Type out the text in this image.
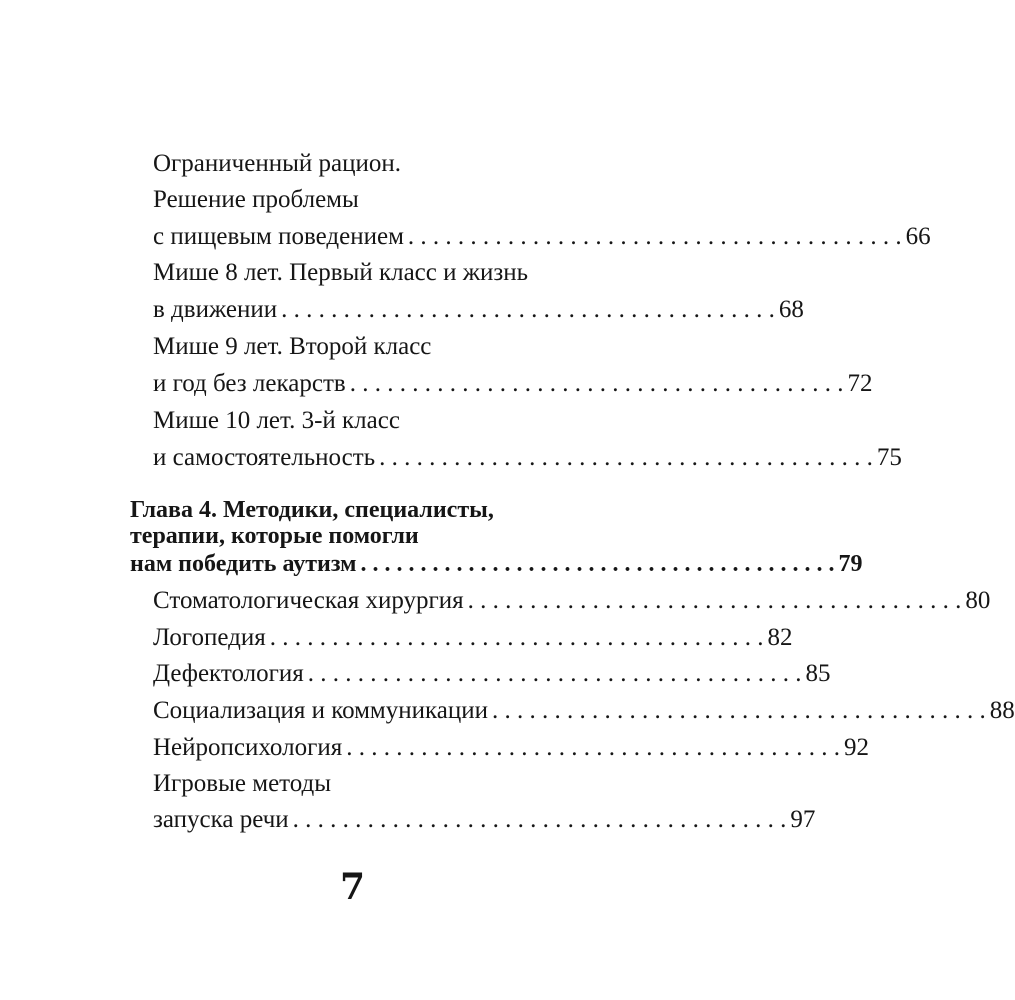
Ограниченный рацион.
Решение проблемы
с пищевым поведением . . . . . . . . . . . . . . . . . . . . . . . . . . . . . . . . . . . . . . . . 66
Мише 8 лет. Первый класс и жизнь
в движении . . . . . . . . . . . . . . . . . . . . . . . . . . . . . . . . . . . . . . . . 68
Мише 9 лет. Второй класс
и год без лекарств . . . . . . . . . . . . . . . . . . . . . . . . . . . . . . . . . . . . . . . . 72
Мише 10 лет. 3-й класс
и самостоятельность . . . . . . . . . . . . . . . . . . . . . . . . . . . . . . . . . . . . . . . . 75
Глава 4. Методики, специалисты,
терапии, которые помогли
нам победить аутизм . . . . . . . . . . . . . . . . . . . . . . . . . . . . . . . . . . . . . . . . 79
Стоматологическая хирургия . . . . . . . . . . . . . . . . . . . . . . . . . . . . . . . . . . . . . . . . 80
Логопедия . . . . . . . . . . . . . . . . . . . . . . . . . . . . . . . . . . . . . . . . 82
Дефектология . . . . . . . . . . . . . . . . . . . . . . . . . . . . . . . . . . . . . . . . 85
Социализация и коммуникации . . . . . . . . . . . . . . . . . . . . . . . . . . . . . . . . . . . . . . . . 88
Нейропсихология . . . . . . . . . . . . . . . . . . . . . . . . . . . . . . . . . . . . . . . . 92
Игровые методы
запуска речи . . . . . . . . . . . . . . . . . . . . . . . . . . . . . . . . . . . . . . . . 97
7
